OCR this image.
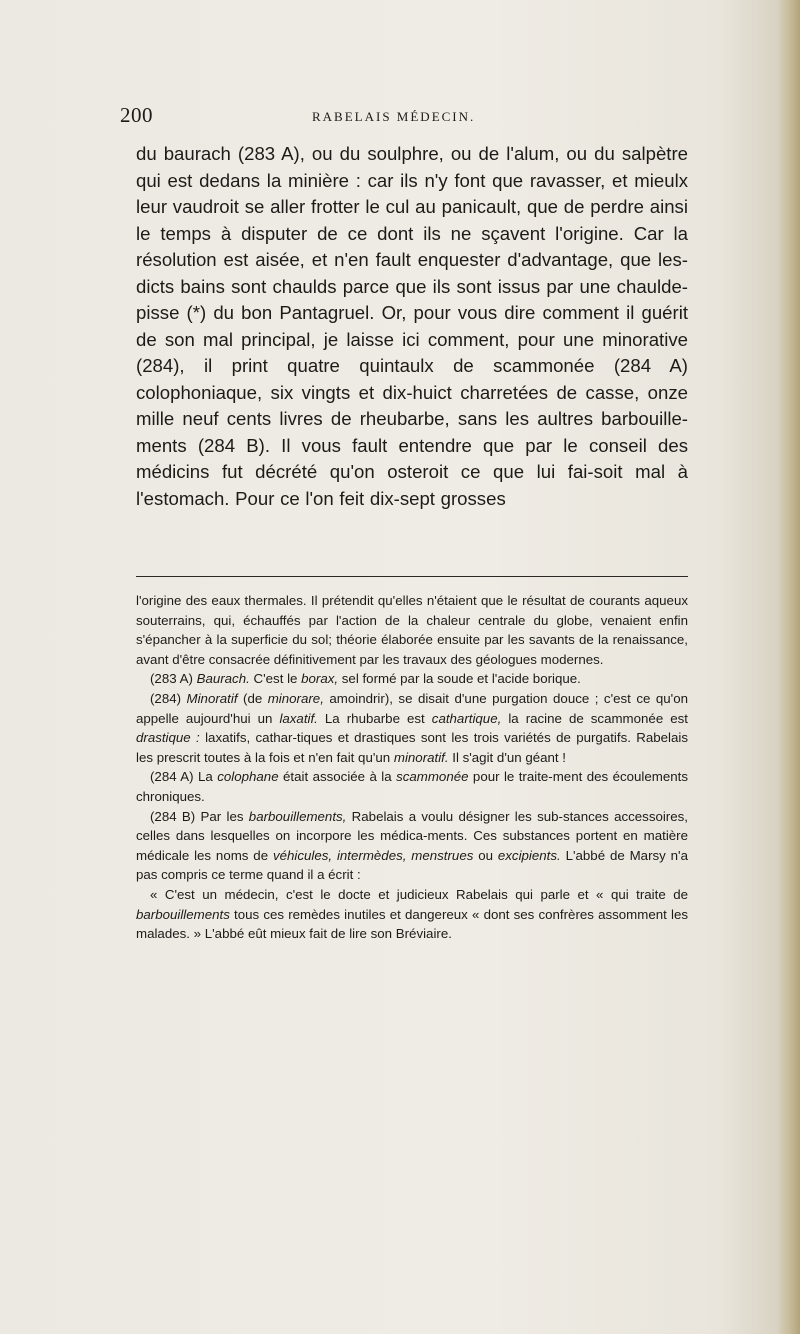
200	RABELAIS MÉDECIN.

du baurach (283 A), ou du soulphre, ou de l'alum, ou du salpètre qui est dedans la minière : car ils n'y font que ravasser, et mieulx leur vaudroit se aller frotter le cul au panicault, que de perdre ainsi le temps à disputer de ce dont ils ne sçavent l'origine. Car la résolution est aisée, et n'en fault enquester d'advantage, que les-dicts bains sont chaulds parce que ils sont issus par une chaulde-pisse (*) du bon Pantagruel. Or, pour vous dire comment il guérit de son mal principal, je laisse ici comment, pour une minorative (284), il print quatre quintaulx de scammonée (284 A) colophoniaque, six vingts et dix-huict charretées de casse, onze mille neuf cents livres de rheubarbe, sans les aultres barbouille-ments (284 B). Il vous fault entendre que par le conseil des médicins fut décrété qu'on osteroit ce que lui fai-soit mal à l'estomach. Pour ce l'on feit dix-sept grosses

l'origine des eaux thermales. Il prétendit qu'elles n'étaient que le résultat de courants aqueux souterrains, qui, échauffés par l'action de la chaleur centrale du globe, venaient enfin s'épancher à la superficie du sol; théorie élaborée ensuite par les savants de la renaissance, avant d'être consacrée définitivement par les travaux des géologues modernes.

(283 A) Baurach. C'est le borax, sel formé par la soude et l'acide borique.

(284) Minoratif (de minorare, amoindrir), se disait d'une purgation douce ; c'est ce qu'on appelle aujourd'hui un laxatif. La rhubarbe est cathartique, la racine de scammonée est drastique : laxatifs, cathar-tiques et drastiques sont les trois variétés de purgatifs. Rabelais les prescrit toutes à la fois et n'en fait qu'un minoratif. Il s'agit d'un géant !

(284 A) La colophane était associée à la scammonée pour le traite-ment des écoulements chroniques.

(284 B) Par les barbouillements, Rabelais a voulu désigner les sub-stances accessoires, celles dans lesquelles on incorpore les médica-ments. Ces substances portent en matière médicale les noms de véhicules, intermèdes, menstrues ou excipients. L'abbé de Marsy n'a pas compris ce terme quand il a écrit :

« C'est un médecin, c'est le docte et judicieux Rabelais qui parle et « qui traite de barbouillements tous ces remèdes inutiles et dangereux « dont ses confrères assomment les malades. » L'abbé eût mieux fait de lire son Bréviaire.
